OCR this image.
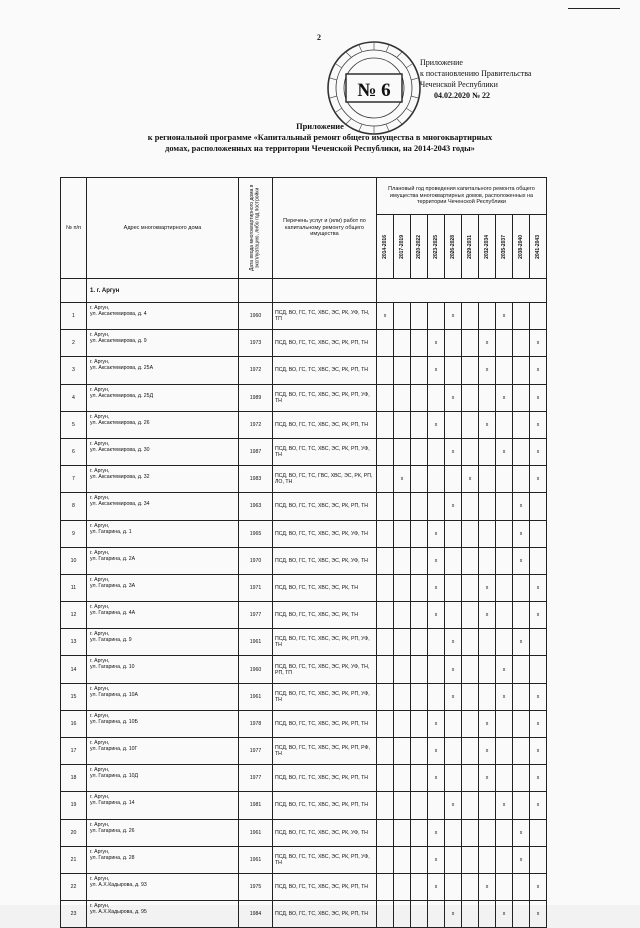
2
№ 6
Приложение
к постановлению Правительства
Чеченской Республики
04.02.2020 № 22
Приложение
к региональной программе «Капитальный ремонт общего имущества в многоквартирных
домах, расположенных на территории Чеченской Республики, на 2014-2043 годы»
№ п/п	Адрес многоквартирного дома	Дата ввода многоквартирного дома в эксплуатацию, либо год постройки	Перечень услуг и (или) работ по капитальному ремонту общего имущества	Плановый год проведения капитального ремонта общего имущества многоквартирных домов, расположенных на территории Чеченской Республики									

				2014-2016	2017-2019	2020-2022	2023-2025	2026-2028	2029-2031	2032-2034	2035-2037	2038-2040	2041-2043

	1. г. Аргун												
1	г. Аргун,
ул. Аксактемирова, д. 4	1960	ПСД, ВО, ГС, ТС, ХВС, ЭС, РК, УФ, ТН, ТП	x				x			x		
2	г. Аргун,
ул. Аксактемирова, д. 9	1973	ПСД, ВО, ГС, ТС, ХВС, ЭС, РК, РП, ТН				x			x			x
3	г. Аргун,
ул. Аксактемирова, д. 25А	1972	ПСД, ВО, ГС, ТС, ХВС, ЭС, РК, РП, ТН				x			x			x
4	г. Аргун,
ул. Аксактемирова, д. 25Д	1989	ПСД, ВО, ГС, ТС, ХВС, ЭС, РК, РП, УФ, ТН					x			x		x
5	г. Аргун,
ул. Аксактемирова, д. 26	1972	ПСД, ВО, ГС, ТС, ХВС, ЭС, РК, РП, ТН				x			x			x
6	г. Аргун,
ул. Аксактемирова, д. 30	1987	ПСД, ВО, ГС, ТС, ХВС, ЭС, РК, РП, УФ, ТН					x			x		x
7	г. Аргун,
ул. Аксактемирова, д. 32	1983	ПСД, ВО, ГС, ТС, ГВС, ХВС, ЭС, РК, РП, ЛО, ТН		x				x				x
8	г. Аргун,
ул. Аксактемирова, д. 34	1963	ПСД, ВО, ГС, ТС, ХВС, ЭС, РК, РП, ТН					x				x	
9	г. Аргун,
ул. Гагарина, д. 1	1965	ПСД, ВО, ГС, ТС, ХВС, ЭС, РК, УФ, ТН				x					x	
10	г. Аргун,
ул. Гагарина, д. 2А	1970	ПСД, ВО, ГС, ТС, ХВС, ЭС, РК, УФ, ТН				x					x	
11	г. Аргун,
ул. Гагарина, д. 3А	1971	ПСД, ВО, ГС, ТС, ХВС, ЭС, РК, ТН				x			x			x
12	г. Аргун,
ул. Гагарина, д. 4А	1977	ПСД, ВО, ГС, ТС, ХВС, ЭС, РК, ТН				x			x			x
13	г. Аргун,
ул. Гагарина, д. 9	1961	ПСД, ВО, ГС, ТС, ХВС, ЭС, РК, РП, УФ, ТН					x				x	
14	г. Аргун,
ул. Гагарина, д. 10	1960	ПСД, ВО, ГС, ТС, ХВС, ЭС, РК, УФ, ТН, РП, ТП					x			x		
15	г. Аргун,
ул. Гагарина, д. 10А	1961	ПСД, ВО, ГС, ТС, ХВС, ЭС, РК, РП, УФ, ТН					x			x		x
16	г. Аргун,
ул. Гагарина, д. 10Б	1978	ПСД, ВО, ГС, ТС, ХВС, ЭС, РК, РП, ТН				x			x			x
17	г. Аргун,
ул. Гагарина, д. 10Г	1977	ПСД, ВО, ГС, ТС, ХВС, ЭС, РК, РП, РФ, ТН				x			x			x
18	г. Аргун,
ул. Гагарина, д. 10Д	1977	ПСД, ВО, ГС, ТС, ХВС, ЭС, РК, РП, ТН				x			x			x
19	г. Аргун,
ул. Гагарина, д. 14	1981	ПСД, ВО, ГС, ТС, ХВС, ЭС, РК, РП, ТН					x			x		x
20	г. Аргун,
ул. Гагарина, д. 26	1961	ПСД, ВО, ГС, ТС, ХВС, ЭС, РК, УФ, ТН				x					x	
21	г. Аргун,
ул. Гагарина, д. 28	1961	ПСД, ВО, ГС, ТС, ХВС, ЭС, РК, РП, УФ, ТН				x					x	
22	г. Аргун,
ул. А.Х.Кадырова, д. 93	1975	ПСД, ВО, ГС, ТС, ХВС, ЭС, РК, РП, ТН				x			x			x
23	г. Аргун,
ул. А.Х.Кадырова, д. 95	1984	ПСД, ВО, ГС, ТС, ХВС, ЭС, РК, РП, ТН					x			x		x
